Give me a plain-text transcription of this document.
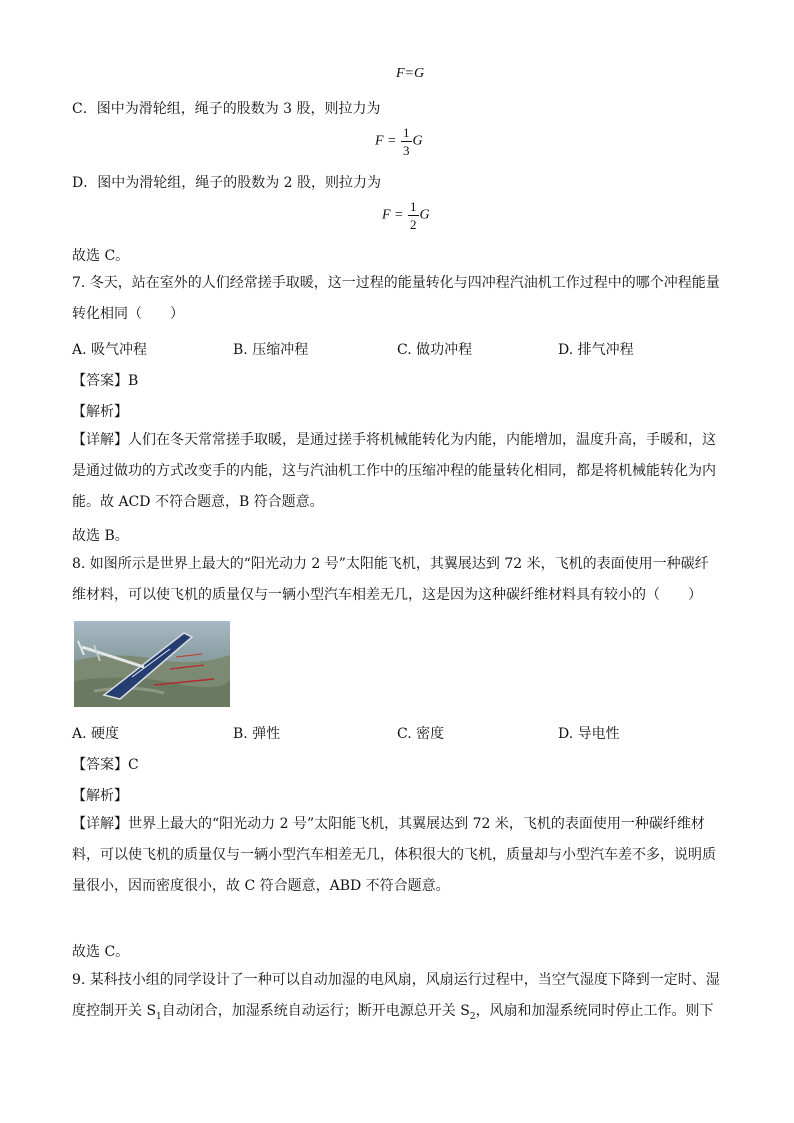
F=G
C．图中为滑轮组，绳子的股数为 3 股，则拉力为
$F = \frac{1}{3}$ G
D．图中为滑轮组，绳子的股数为 2 股，则拉力为
$F = \frac{1}{2}$ G
故选 C。
7. 冬天，站在室外的人们经常搓手取暖，这一过程的能量转化与四冲程汽油机工作过程中的哪个冲程能量
转化相同（　　）
A. 吸气冲程	B. 压缩冲程	C. 做功冲程	D. 排气冲程
【答案】B
【解析】
【详解】人们在冬天常常搓手取暖，是通过搓手将机械能转化为内能，内能增加，温度升高，手暖和，这
是通过做功的方式改变手的内能，这与汽油机工作中的压缩冲程的能量转化相同，都是将机械能转化为内
能。故 ACD 不符合题意，B 符合题意。
故选 B。
8. 如图所示是世界上最大的“阳光动力 2 号”太阳能飞机，其翼展达到 72 米，飞机的表面使用一种碳纤
维材料，可以使飞机的质量仅与一辆小型汽车相差无几，这是因为这种碳纤维材料具有较小的（　　）
A. 硬度	B. 弹性	C. 密度	D. 导电性
【答案】C
【解析】
【详解】世界上最大的“阳光动力 2 号”太阳能飞机，其翼展达到 72 米，飞机的表面使用一种碳纤维材
料，可以使飞机的质量仅与一辆小型汽车相差无几，体积很大的飞机，质量却与小型汽车差不多，说明质
量很小，因而密度很小，故 C 符合题意，ABD 不符合题意。
故选 C。
9. 某科技小组的同学设计了一种可以自动加湿的电风扇，风扇运行过程中，当空气湿度下降到一定时、湿
度控制开关 $S_1$自动闭合，加湿系统自动运行；断开电源总开关 $S_2$，风扇和加湿系统同时停止工作。则下
